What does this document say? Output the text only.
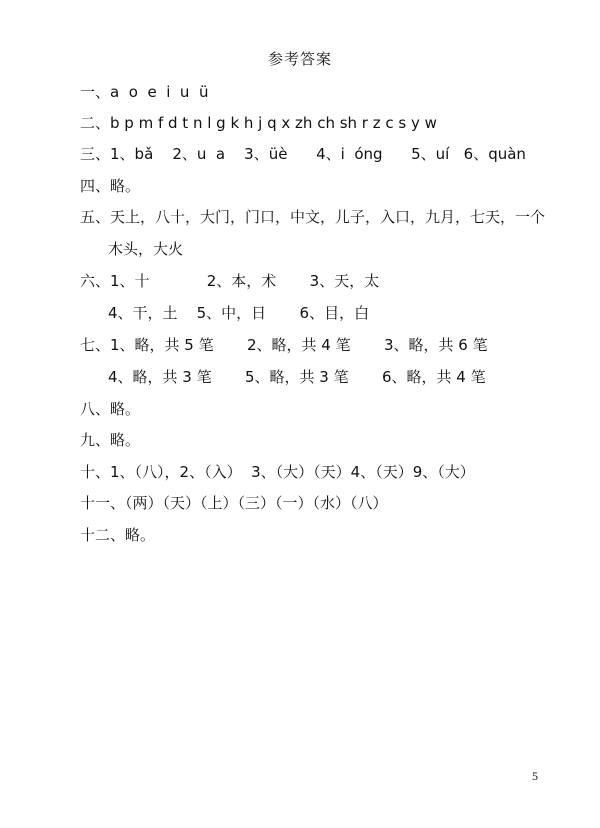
参考答案
一、a  o  e  i  u  ü
二、b p m f d t n l g k h j q x zh ch sh r z c s y w
三、1、bǎ    2、u  a    3、üè      4、i  óng      5、uí   6、quàn
四、略。
五、天上，八十，大门，门口，中文，儿子，入口，九月，七天，一个
木头，大火
六、1、十            2、本，术       3、天，太
4、干，土    5、中，日       6、目，白
七、1、略，共 5 笔       2、略，共 4 笔       3、略，共 6 笔
4、略，共 3 笔       5、略，共 3 笔       6、略，共 4 笔
八、略。
九、略。
十、1、（八），2、（入）  3、（大）（天）4、（天）9、（大）
十一、（两）（天）（上）（三）（一）（水）（八）
十二、略。
5
